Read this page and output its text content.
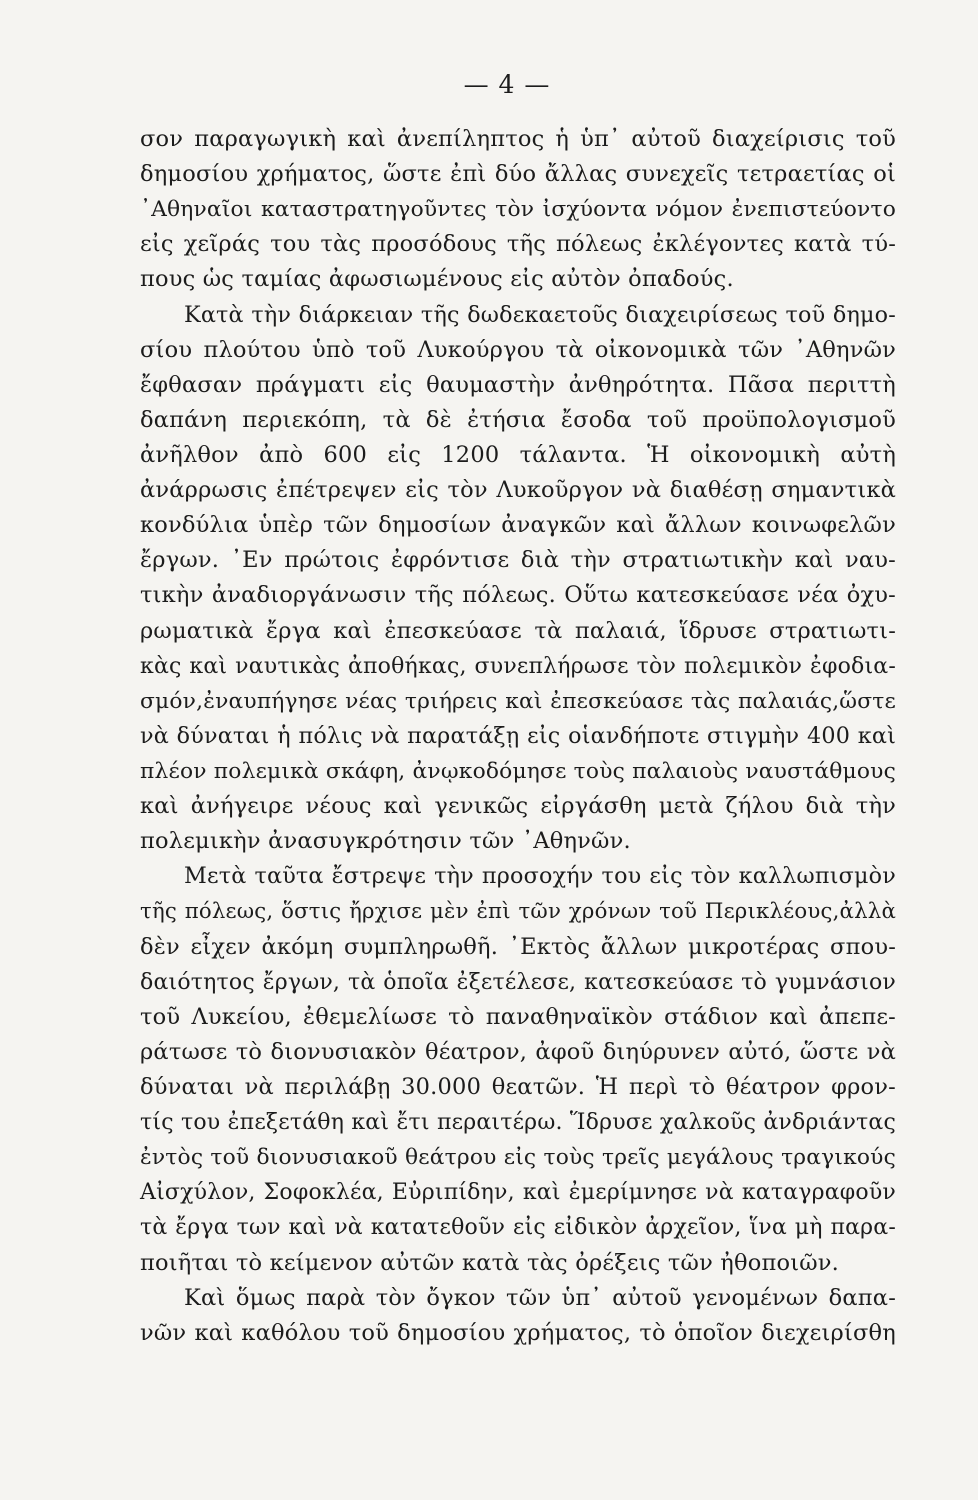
— 4 —
σον παραγωγικὴ καὶ ἀνεπίληπτος ἡ ὑπ᾿ αὐτοῦ διαχείρισις τοῦ
δημοσίου χρήματος, ὥστε ἐπὶ δύο ἄλλας συνεχεῖς τετραετίας οἱ
᾿Αθηναῖοι καταστρατηγοῦντες τὸν ἰσχύοντα νόμον ἐνεπιστεύοντο
εἰς χεῖράς του τὰς προσόδους τῆς πόλεως ἐκλέγοντες κατὰ τύ-
πους ὡς ταμίας ἀφωσιωμένους εἰς αὐτὸν ὀπαδούς.
Κατὰ τὴν διάρκειαν τῆς δωδεκαετοῦς διαχειρίσεως τοῦ δημο-
σίου πλούτου ὑπὸ τοῦ Λυκούργου τὰ οἰκονομικὰ τῶν ᾿Αθηνῶν
ἔφθασαν πράγματι εἰς θαυμαστὴν ἀνθηρότητα. Πᾶσα περιττὴ
δαπάνη περιεκόπη, τὰ δὲ ἐτήσια ἔσοδα τοῦ προϋπολογισμοῦ
ἀνῆλθον ἀπὸ 600 εἰς 1200 τάλαντα. Ἡ οἰκονομικὴ αὐτὴ
ἀνάρρωσις ἐπέτρεψεν εἰς τὸν Λυκοῦργον νὰ διαθέσῃ σημαντικὰ
κονδύλια ὑπὲρ τῶν δημοσίων ἀναγκῶν καὶ ἄλλων κοινωφελῶν
ἔργων. ᾿Εν πρώτοις ἐφρόντισε διὰ τὴν στρατιωτικὴν καὶ ναυ-
τικὴν ἀναδιοργάνωσιν τῆς πόλεως. Οὕτω κατεσκεύασε νέα ὀχυ-
ρωματικὰ ἔργα καὶ ἐπεσκεύασε τὰ παλαιά, ἵδρυσε στρατιωτι-
κὰς καὶ ναυτικὰς ἀποθήκας, συνεπλήρωσε τὸν πολεμικὸν ἐφοδια-
σμόν,ἐναυπήγησε νέας τριήρεις καὶ ἐπεσκεύασε τὰς παλαιάς,ὥστε
νὰ δύναται ἡ πόλις νὰ παρατάξῃ εἰς οἱανδήποτε στιγμὴν 400 καὶ
πλέον πολεμικὰ σκάφη, ἀνῳκοδόμησε τοὺς παλαιοὺς ναυστάθμους
καὶ ἀνήγειρε νέους καὶ γενικῶς εἰργάσθη μετὰ ζήλου διὰ τὴν
πολεμικὴν ἀνασυγκρότησιν τῶν ᾿Αθηνῶν.
Μετὰ ταῦτα ἔστρεψε τὴν προσοχήν του εἰς τὸν καλλωπισμὸν
τῆς πόλεως, ὅστις ἤρχισε μὲν ἐπὶ τῶν χρόνων τοῦ Περικλέους,ἀλλὰ
δὲν εἶχεν ἀκόμη συμπληρωθῆ. ᾿Εκτὸς ἄλλων μικροτέρας σπου-
δαιότητος ἔργων, τὰ ὁποῖα ἐξετέλεσε, κατεσκεύασε τὸ γυμνάσιον
τοῦ Λυκείου, ἐθεμελίωσε τὸ παναθηναϊκὸν στάδιον καὶ ἀπεπε-
ράτωσε τὸ διονυσιακὸν θέατρον, ἀφοῦ διηύρυνεν αὐτό, ὥστε νὰ
δύναται νὰ περιλάβῃ 30.000 θεατῶν. Ἡ περὶ τὸ θέατρον φρον-
τίς του ἐπεξετάθη καὶ ἔτι περαιτέρω. Ἵδρυσε χαλκοῦς ἀνδριάντας
ἐντὸς τοῦ διονυσιακοῦ θεάτρου εἰς τοὺς τρεῖς μεγάλους τραγικούς
Αἰσχύλον, Σοφοκλέα, Εὐριπίδην, καὶ ἐμερίμνησε νὰ καταγραφοῦν
τὰ ἔργα των καὶ νὰ κατατεθοῦν εἰς εἰδικὸν ἀρχεῖον, ἵνα μὴ παρα-
ποιῆται τὸ κείμενον αὐτῶν κατὰ τὰς ὀρέξεις τῶν ἠθοποιῶν.
Καὶ ὅμως παρὰ τὸν ὄγκον τῶν ὑπ᾿ αὐτοῦ γενομένων δαπα-
νῶν καὶ καθόλου τοῦ δημοσίου χρήματος, τὸ ὁποῖον διεχειρίσθη
